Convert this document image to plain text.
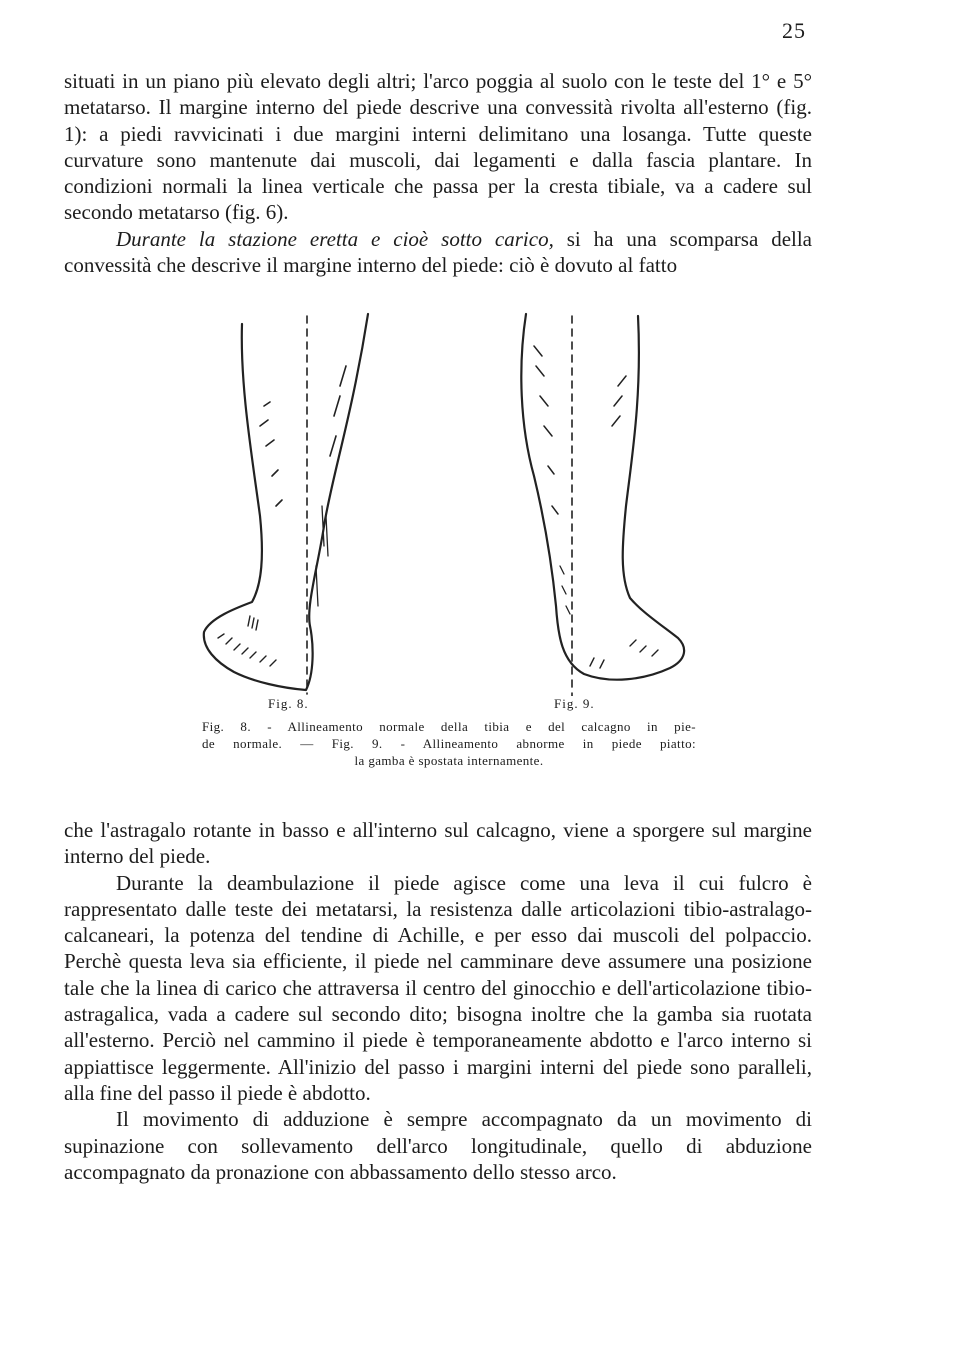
25

situati in un piano più elevato degli altri; l'arco poggia al suolo con le teste del 1° e 5° metatarso. Il margine interno del piede descrive una convessità rivolta all'esterno (fig. 1): a piedi ravvicinati i due margini interni delimitano una losanga. Tutte queste curvature sono mantenute dai muscoli, dai legamenti e dalla fascia plantare. In condizioni normali la linea verticale che passa per la cresta tibiale, va a cadere sul secondo metatarso (fig. 6).

Durante la stazione eretta e cioè sotto carico, si ha una scomparsa della convessità che descrive il margine interno del piede: ciò è dovuto al fatto

Fig. 8.	Fig. 9.
Fig. 8. - Allineamento normale della tibia e del calcagno in pie-
de normale. — Fig. 9. - Allineamento abnorme in piede piatto:
la gamba è spostata internamente.

che l'astragalo rotante in basso e all'interno sul calcagno, viene a sporgere sul margine interno del piede.

Durante la deambulazione il piede agisce come una leva il cui fulcro è rappresentato dalle teste dei metatarsi, la resistenza dalle articolazioni tibio-astralago-calcaneari, la potenza del tendine di Achille, e per esso dai muscoli del polpaccio. Perchè questa leva sia efficiente, il piede nel camminare deve assumere una posizione tale che la linea di carico che attraversa il centro del ginocchio e dell'articolazione tibio-astragalica, vada a cadere sul secondo dito; bisogna inoltre che la gamba sia ruotata all'esterno. Perciò nel cammino il piede è temporaneamente abdotto e l'arco interno si appiattisce leggermente. All'inizio del passo i margini interni del piede sono paralleli, alla fine del passo il piede è abdotto.

Il movimento di adduzione è sempre accompagnato da un movimento di supinazione con sollevamento dell'arco longitudinale, quello di abduzione accompagnato da pronazione con abbassamento dello stesso arco.
